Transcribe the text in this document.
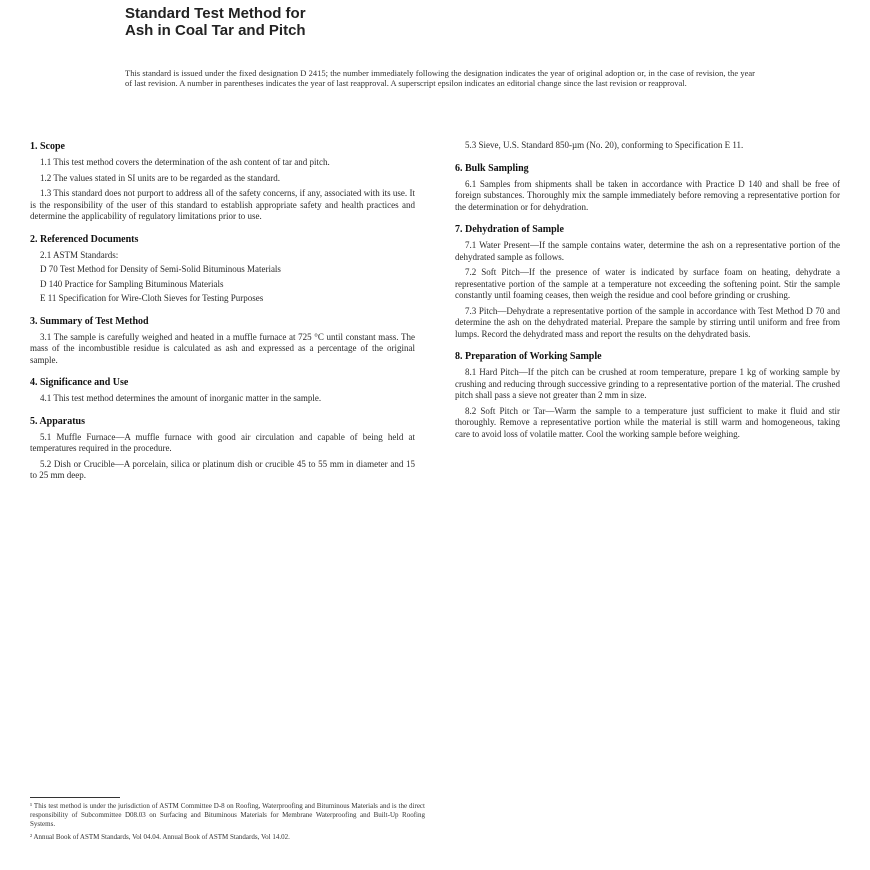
Standard Test Method for
Ash in Coal Tar and Pitch
This standard is issued under the fixed designation D 2415; the number immediately following the designation indicates the year of original adoption or, in the case of revision, the year of last revision. A number in parentheses indicates the year of last reapproval. A superscript epsilon indicates an editorial change since the last revision or reapproval.
1. Scope

1.1 This test method covers the determination of the ash content of tar and pitch.

1.2 The values stated in SI units are to be regarded as the standard.

1.3 This standard does not purport to address all of the safety concerns, if any, associated with its use. It is the responsibility of the user of this standard to establish appropriate safety and health practices and determine the applicability of regulatory limitations prior to use.

2. Referenced Documents
2.1 ASTM Standards:
D 70 Test Method for Density of Semi-Solid Bituminous Materials
D 140 Practice for Sampling Bituminous Materials
E 11 Specification for Wire-Cloth Sieves for Testing Purposes
3. Summary of Test Method

3.1 The sample is carefully weighed and heated in a muffle furnace at 725 °C until constant mass. The mass of the incombustible residue is calculated as ash and expressed as a percentage of the original sample.

4. Significance and Use

4.1 This test method determines the amount of inorganic matter in the sample.

5. Apparatus

5.1 Muffle Furnace—A muffle furnace with good air circulation and capable of being held at temperatures required in the procedure.

5.2 Dish or Crucible—A porcelain, silica or platinum dish or crucible 45 to 55 mm in diameter and 15 to 25 mm deep.

5.3 Sieve, U.S. Standard 850-µm (No. 20), conforming to Specification E 11.

6. Bulk Sampling

6.1 Samples from shipments shall be taken in accordance with Practice D 140 and shall be free of foreign substances. Thoroughly mix the sample immediately before removing a representative portion for the determination or for dehydration.

7. Dehydration of Sample

7.1 Water Present—If the sample contains water, determine the ash on a representative portion of the dehydrated sample as follows.

7.2 Soft Pitch—If the presence of water is indicated by surface foam on heating, dehydrate a representative portion of the sample at a temperature not exceeding the softening point. Stir the sample constantly until foaming ceases, then weigh the residue and cool before grinding or crushing.

7.3 Pitch—Dehydrate a representative portion of the sample in accordance with Test Method D 70 and determine the ash on the dehydrated material. Prepare the sample by stirring until uniform and free from lumps. Record the dehydrated mass and report the results on the dehydrated basis.

8. Preparation of Working Sample

8.1 Hard Pitch—If the pitch can be crushed at room temperature, prepare 1 kg of working sample by crushing and reducing through successive grinding to a representative portion of the material. The crushed pitch shall pass a sieve not greater than 2 mm in size.

8.2 Soft Pitch or Tar—Warm the sample to a temperature just sufficient to make it fluid and stir thoroughly. Remove a representative portion while the material is still warm and homogeneous, taking care to avoid loss of volatile matter. Cool the working sample before weighing.

¹ This test method is under the jurisdiction of ASTM Committee D-8 on Roofing, Waterproofing and Bituminous Materials and is the direct responsibility of Subcommittee D08.03 on Surfacing and Bituminous Materials for Membrane Waterproofing and Built-Up Roofing Systems.

² Annual Book of ASTM Standards, Vol 04.04. Annual Book of ASTM Standards, Vol 14.02.
